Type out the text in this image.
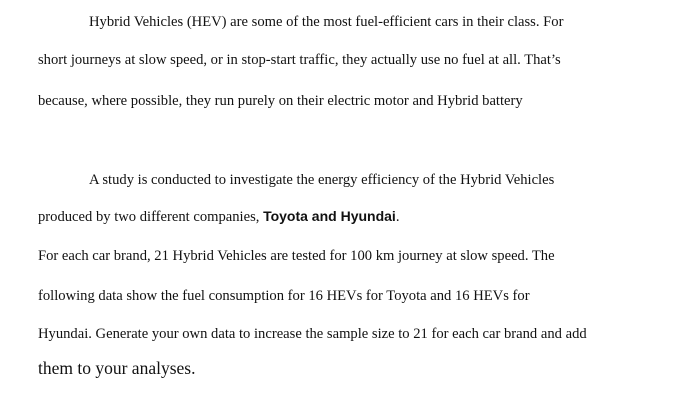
Hybrid Vehicles (HEV) are some of the most fuel-efficient cars in their class. For
short journeys at slow speed, or in stop-start traffic, they actually use no fuel at all. That’s
because, where possible, they run purely on their electric motor and Hybrid battery
A study is conducted to investigate the energy efficiency of the Hybrid Vehicles
produced by two different companies, Toyota and Hyundai.
For each car brand, 21 Hybrid Vehicles are tested for 100 km journey at slow speed. The
following data show the fuel consumption for 16 HEVs for Toyota and 16 HEVs for
Hyundai. Generate your own data to increase the sample size to 21 for each car brand and add
them to your analyses.
